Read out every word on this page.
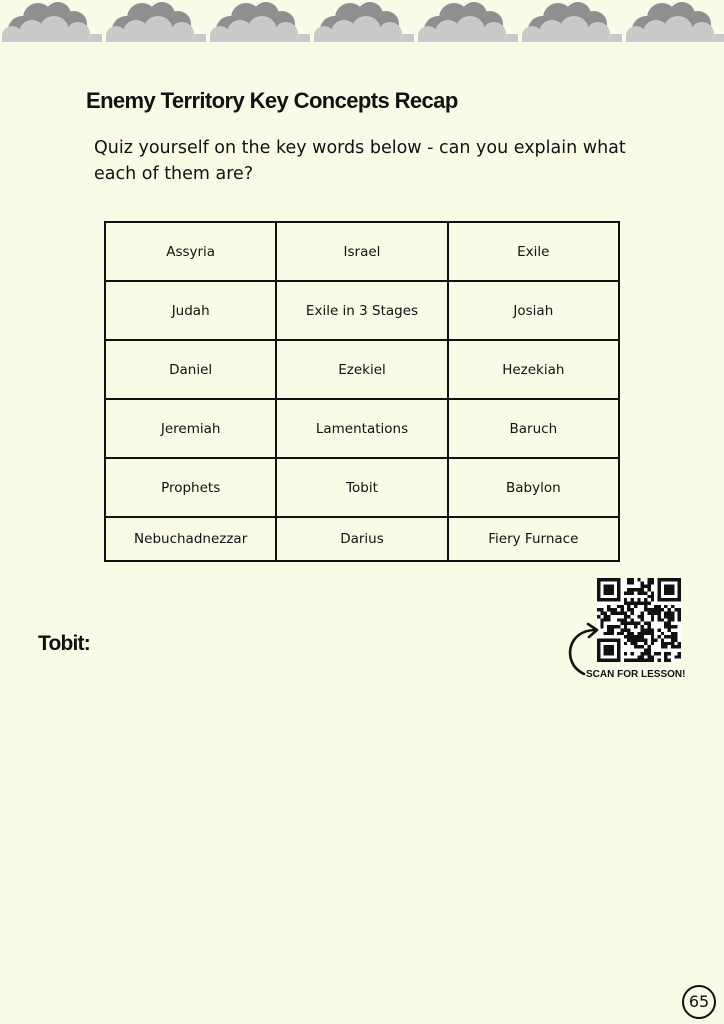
Enemy Territory Key Concepts Recap

Quiz yourself on the key words below - can you explain what each of them are?

Assyria	Israel	Exile
Judah	Exile in 3 Stages	Josiah
Daniel	Ezekiel	Hezekiah
Jeremiah	Lamentations	Baruch
Prophets	Tobit	Babylon
Nebuchadnezzar	Darius	Fiery Furnace
SCAN FOR LESSON!
Tobit:
65
